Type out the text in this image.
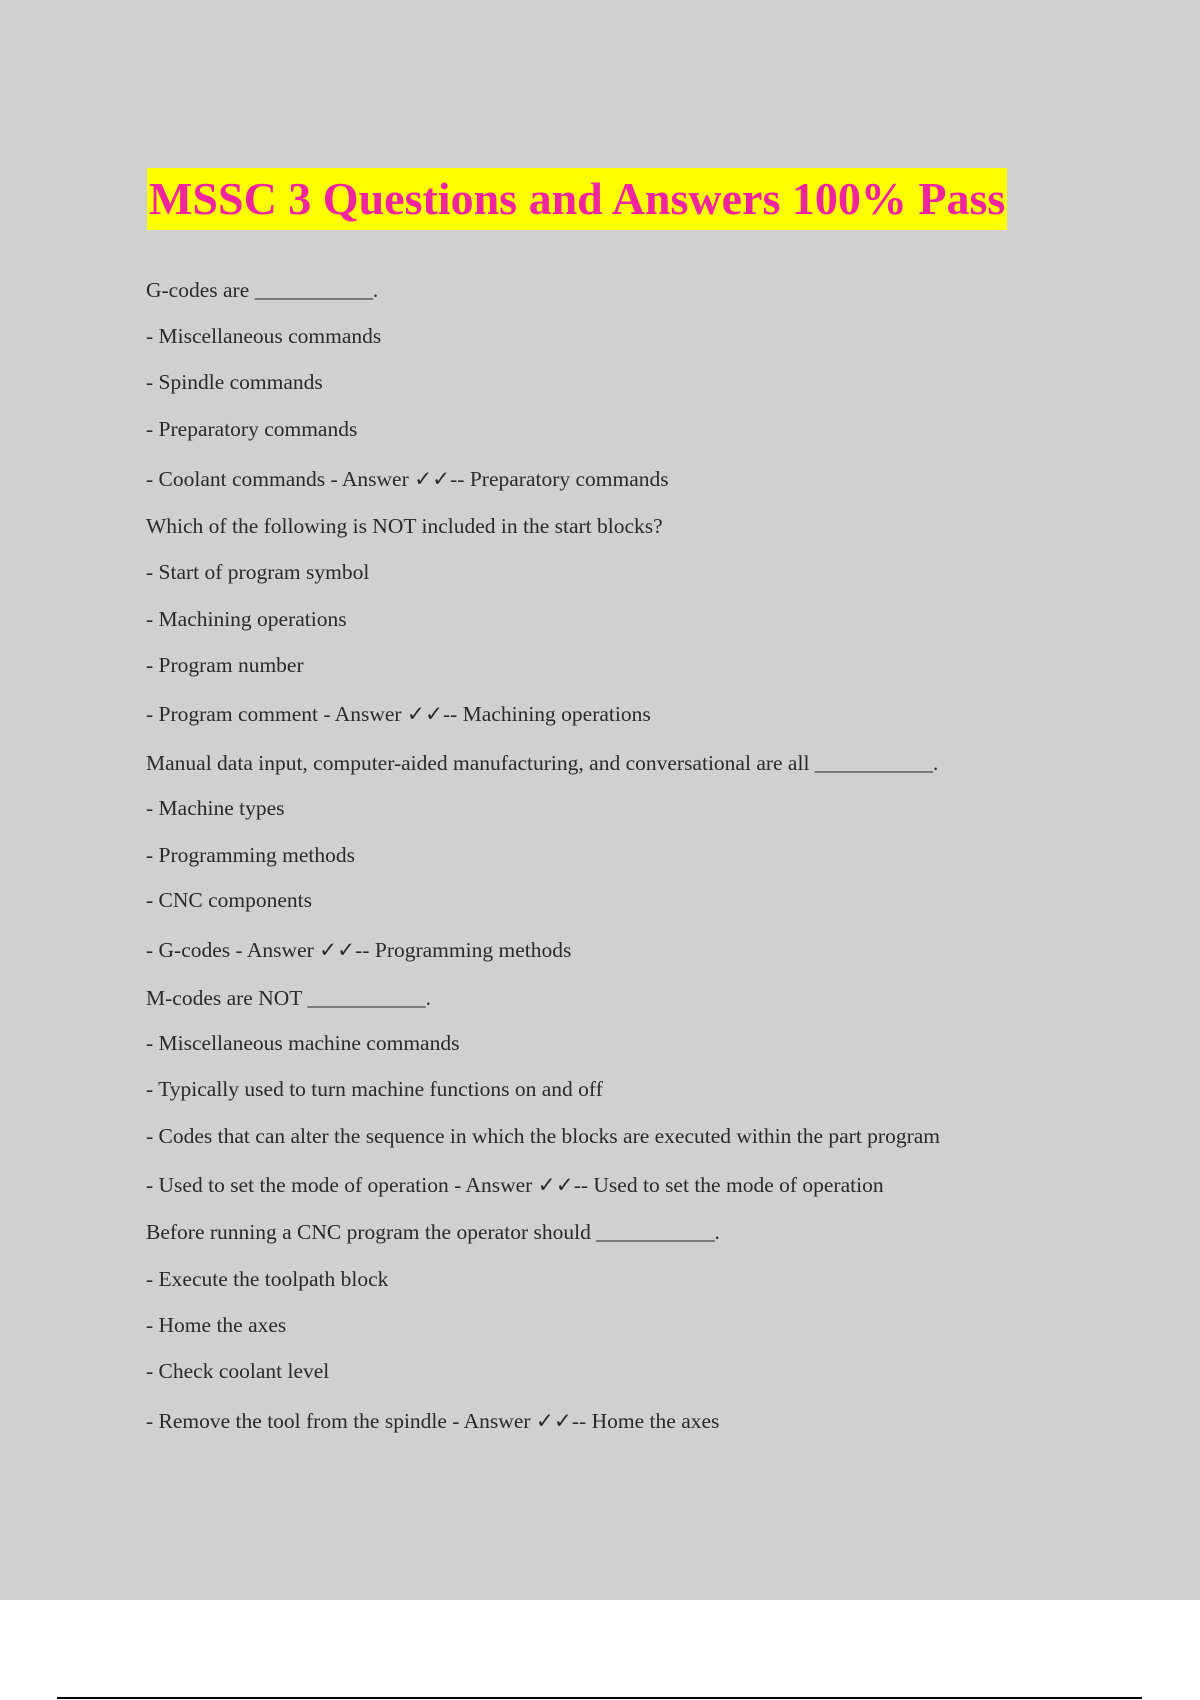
MSSC 3 Questions and Answers 100% Pass
G-codes are ___________.
- Miscellaneous commands
- Spindle commands
- Preparatory commands
- Coolant commands - Answer ✓✓-- Preparatory commands
Which of the following is NOT included in the start blocks?
- Start of program symbol
- Machining operations
- Program number
- Program comment - Answer ✓✓-- Machining operations
Manual data input, computer-aided manufacturing, and conversational are all ___________.
- Machine types
- Programming methods
- CNC components
- G-codes - Answer ✓✓-- Programming methods
M-codes are NOT ___________.
- Miscellaneous machine commands
- Typically used to turn machine functions on and off
- Codes that can alter the sequence in which the blocks are executed within the part program
- Used to set the mode of operation - Answer ✓✓-- Used to set the mode of operation
Before running a CNC program the operator should ___________.
- Execute the toolpath block
- Home the axes
- Check coolant level
- Remove the tool from the spindle - Answer ✓✓-- Home the axes
